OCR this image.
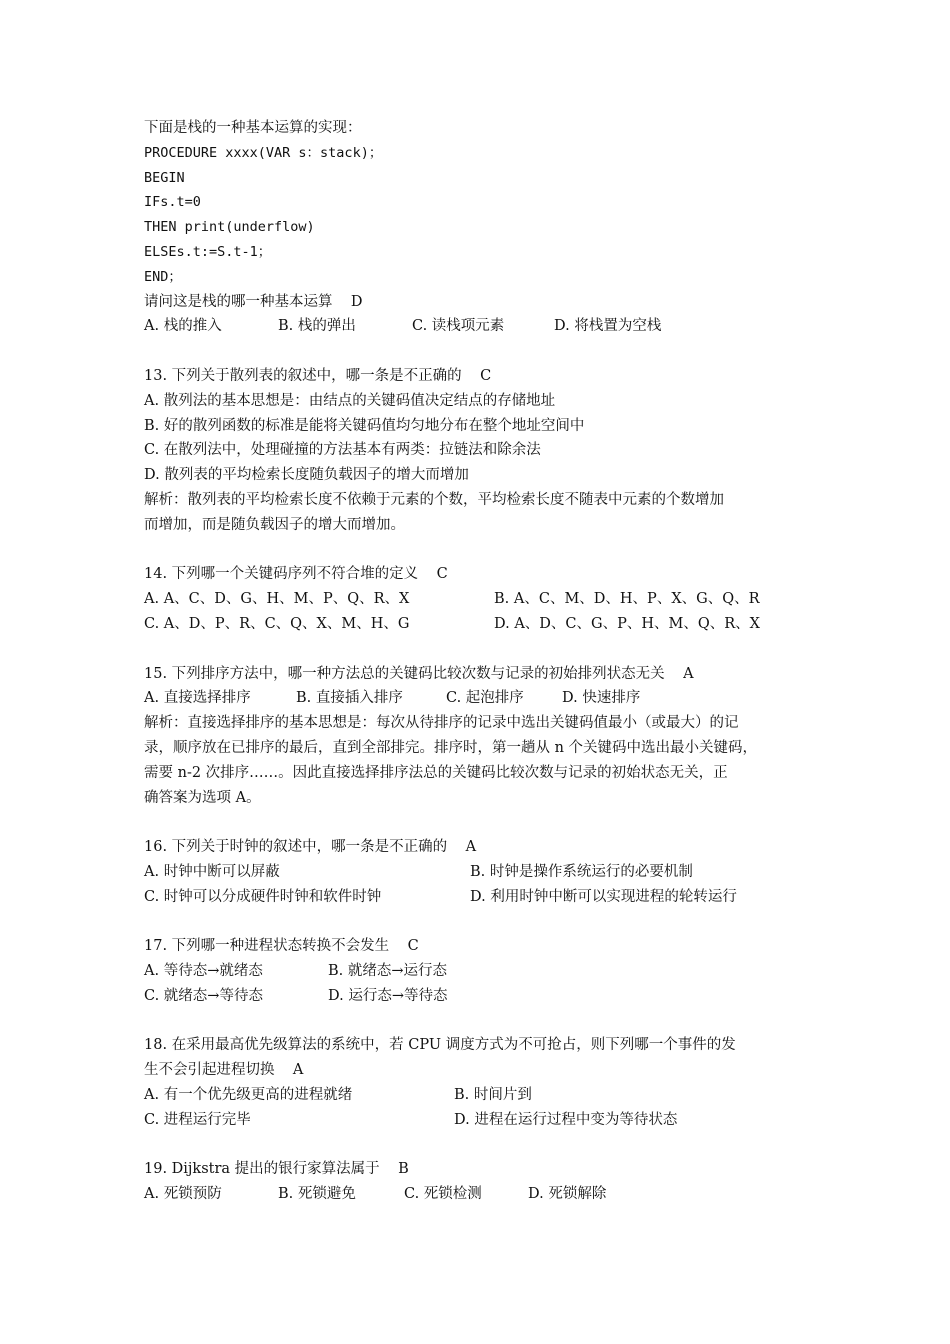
下面是栈的一种基本运算的实现：
PROCEDURE xxxx(VAR s：stack)；
BEGIN
IFs.t=0
THEN print(underflow)
ELSEs.t:=S.t-1；
END；
请问这是栈的哪一种基本运算    D

A. 栈的推入

	B. 栈的弹出

	C. 读栈项元素

	D. 将栈置为空栈

13. 下列关于散列表的叙述中，哪一条是不正确的    C
A. 散列法的基本思想是：由结点的关键码值决定结点的存储地址
B. 好的散列函数的标准是能将关键码值均匀地分布在整个地址空间中
C. 在散列法中，处理碰撞的方法基本有两类：拉链法和除余法
D. 散列表的平均检索长度随负载因子的增大而增加
解析：散列表的平均检索长度不依赖于元素的个数，平均检索长度不随表中元素的个数增加
而增加，而是随负载因子的增大而增加。
14. 下列哪一个关键码序列不符合堆的定义    C

A. A、C、D、G、H、M、P、Q、R、X

	B. A、C、M、D、H、P、X、G、Q、R

C. A、D、P、R、C、Q、X、M、H、G

	D. A、D、C、G、P、H、M、Q、R、X

15. 下列排序方法中，哪一种方法总的关键码比较次数与记录的初始排列状态无关    A

A. 直接选择排序

	B. 直接插入排序

	C. 起泡排序

	D. 快速排序

解析：直接选择排序的基本思想是：每次从待排序的记录中选出关键码值最小（或最大）的记
录，顺序放在已排序的最后，直到全部排完。排序时，第一趟从 n 个关键码中选出最小关键码，
需要 n-2 次排序……。因此直接选择排序法总的关键码比较次数与记录的初始状态无关，正
确答案为选项 A。
16. 下列关于时钟的叙述中，哪一条是不正确的    A

A. 时钟中断可以屏蔽

	B. 时钟是操作系统运行的必要机制

C. 时钟可以分成硬件时钟和软件时钟

	D. 利用时钟中断可以实现进程的轮转运行

17. 下列哪一种进程状态转换不会发生    C

A. 等待态→就绪态

	B. 就绪态→运行态

C. 就绪态→等待态

	D. 运行态→等待态

18. 在采用最高优先级算法的系统中，若 CPU 调度方式为不可抢占，则下列哪一个事件的发
生不会引起进程切换    A

A. 有一个优先级更高的进程就绪

	B. 时间片到

C. 进程运行完毕

	D. 进程在运行过程中变为等待状态

19. Dijkstra 提出的银行家算法属于    B

A. 死锁预防

	B. 死锁避免

	C. 死锁检测

	D. 死锁解除
